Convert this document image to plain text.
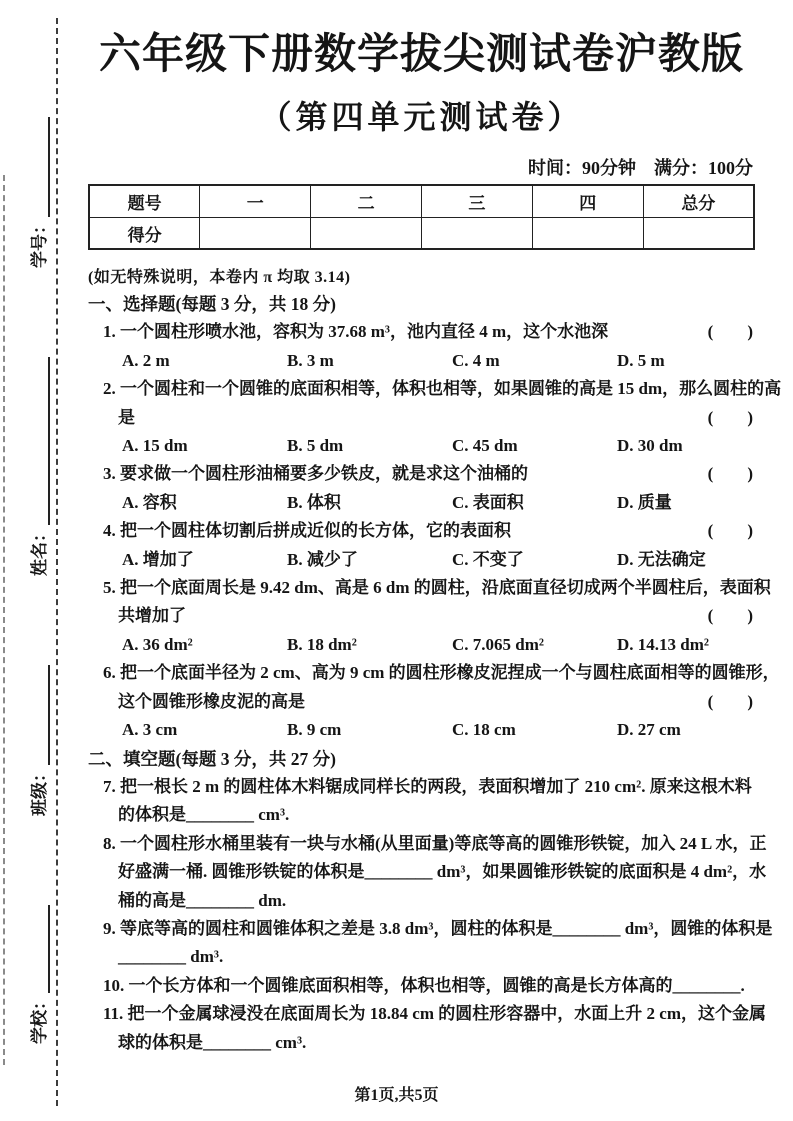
学校：
班级：
姓名：
学号：
六年级下册数学拔尖测试卷沪教版
（第四单元测试卷）
时间：90分钟　满分：100分
题号	一	二	三	四	总分
得分					
(如无特殊说明，本卷内 π 均取 3.14)
一、选择题(每题 3 分，共 18 分)
1. 一个圆柱形喷水池，容积为 37.68 m³，池内直径 4 m，这个水池深	(　　)
A. 2 m	B. 3 m	C. 4 m	D. 5 m
2. 一个圆柱和一个圆锥的底面积相等，体积也相等，如果圆锥的高是 15 dm，那么圆柱的高
是	(　　)
A. 15 dm	B. 5 dm	C. 45 dm	D. 30 dm
3. 要求做一个圆柱形油桶要多少铁皮，就是求这个油桶的	(　　)
A. 容积	B. 体积	C. 表面积	D. 质量
4. 把一个圆柱体切割后拼成近似的长方体，它的表面积	(　　)
A. 增加了	B. 减少了	C. 不变了	D. 无法确定
5. 把一个底面周长是 9.42 dm、高是 6 dm 的圆柱，沿底面直径切成两个半圆柱后，表面积
共增加了	(　　)
A. 36 dm²	B. 18 dm²	C. 7.065 dm²	D. 14.13 dm²
6. 把一个底面半径为 2 cm、高为 9 cm 的圆柱形橡皮泥捏成一个与圆柱底面相等的圆锥形，
这个圆锥形橡皮泥的高是	(　　)
A. 3 cm	B. 9 cm	C. 18 cm	D. 27 cm
二、填空题(每题 3 分，共 27 分)
7. 把一根长 2 m 的圆柱体木料锯成同样长的两段，表面积增加了 210 cm². 原来这根木料
的体积是________ cm³.
8. 一个圆柱形水桶里装有一块与水桶(从里面量)等底等高的圆锥形铁锭，加入 24 L 水，正
好盛满一桶. 圆锥形铁锭的体积是________ dm³，如果圆锥形铁锭的底面积是 4 dm²，水
桶的高是________ dm.
9. 等底等高的圆柱和圆锥体积之差是 3.8 dm³，圆柱的体积是________ dm³，圆锥的体积是
________ dm³.
10. 一个长方体和一个圆锥底面积相等，体积也相等，圆锥的高是长方体高的________.
11. 把一个金属球浸没在底面周长为 18.84 cm 的圆柱形容器中，水面上升 2 cm，这个金属
球的体积是________ cm³.
第1页,共5页
